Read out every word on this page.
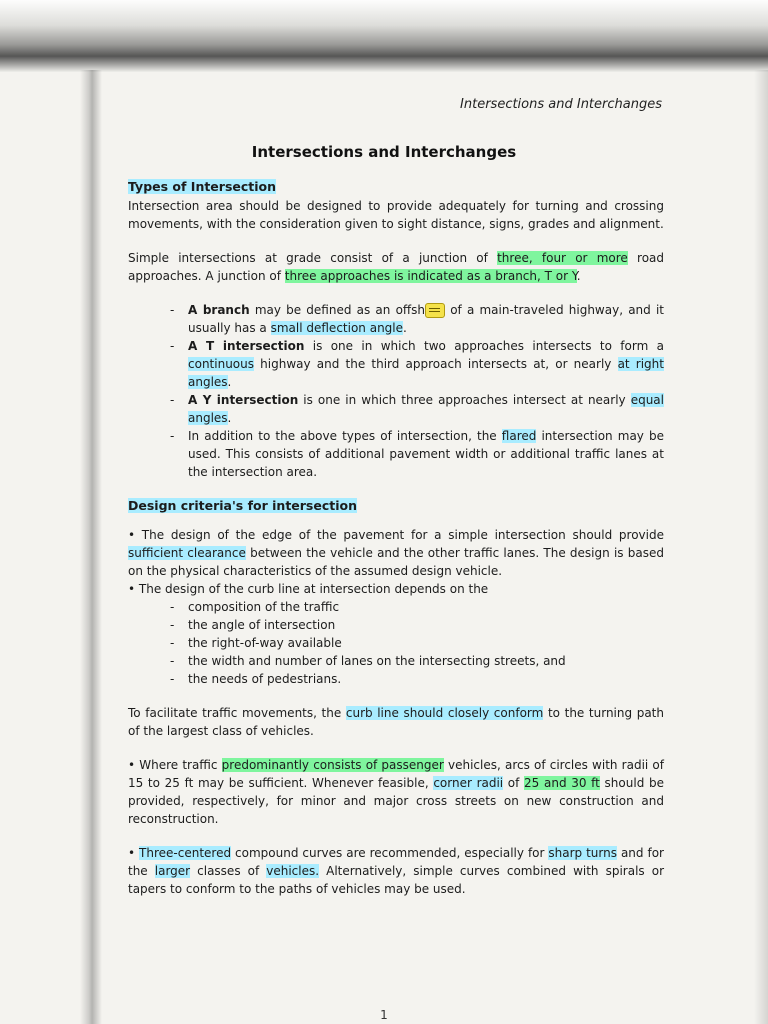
Intersections and Interchanges
Intersections and Interchanges
Types of Intersection

Intersection area should be designed to provide adequately for turning and crossing movements, with the consideration given to sight distance, signs, grades and alignment.

Simple intersections at grade consist of a junction of three, four or more road approaches. A junction of three approaches is indicated as a branch, T or Y.

- A branch may be defined as an offsh of a main-traveled highway, and it usually has a small deflection angle.
- A T intersection is one in which two approaches intersects to form a continuous highway and the third approach intersects at, or nearly at right angles.
- A Y intersection is one in which three approaches intersect at nearly equal angles.
- In addition to the above types of intersection, the flared intersection may be used. This consists of additional pavement width or additional traffic lanes at the intersection area.
Design criteria's for intersection

• The design of the edge of the pavement for a simple intersection should provide sufficient clearance between the vehicle and the other traffic lanes. The design is based on the physical characteristics of the assumed design vehicle.

• The design of the curb line at intersection depends on the

- composition of the traffic
- the angle of intersection
- the right-of-way available
- the width and number of lanes on the intersecting streets, and
- the needs of pedestrians.

To facilitate traffic movements, the curb line should closely conform to the turning path of the largest class of vehicles.

• Where traffic predominantly consists of passenger vehicles, arcs of circles with radii of 15 to 25 ft may be sufficient. Whenever feasible, corner radii of 25 and 30 ft should be provided, respectively, for minor and major cross streets on new construction and reconstruction.

• Three-centered compound curves are recommended, especially for sharp turns and for the larger classes of vehicles. Alternatively, simple curves combined with spirals or tapers to conform to the paths of vehicles may be used.

1
